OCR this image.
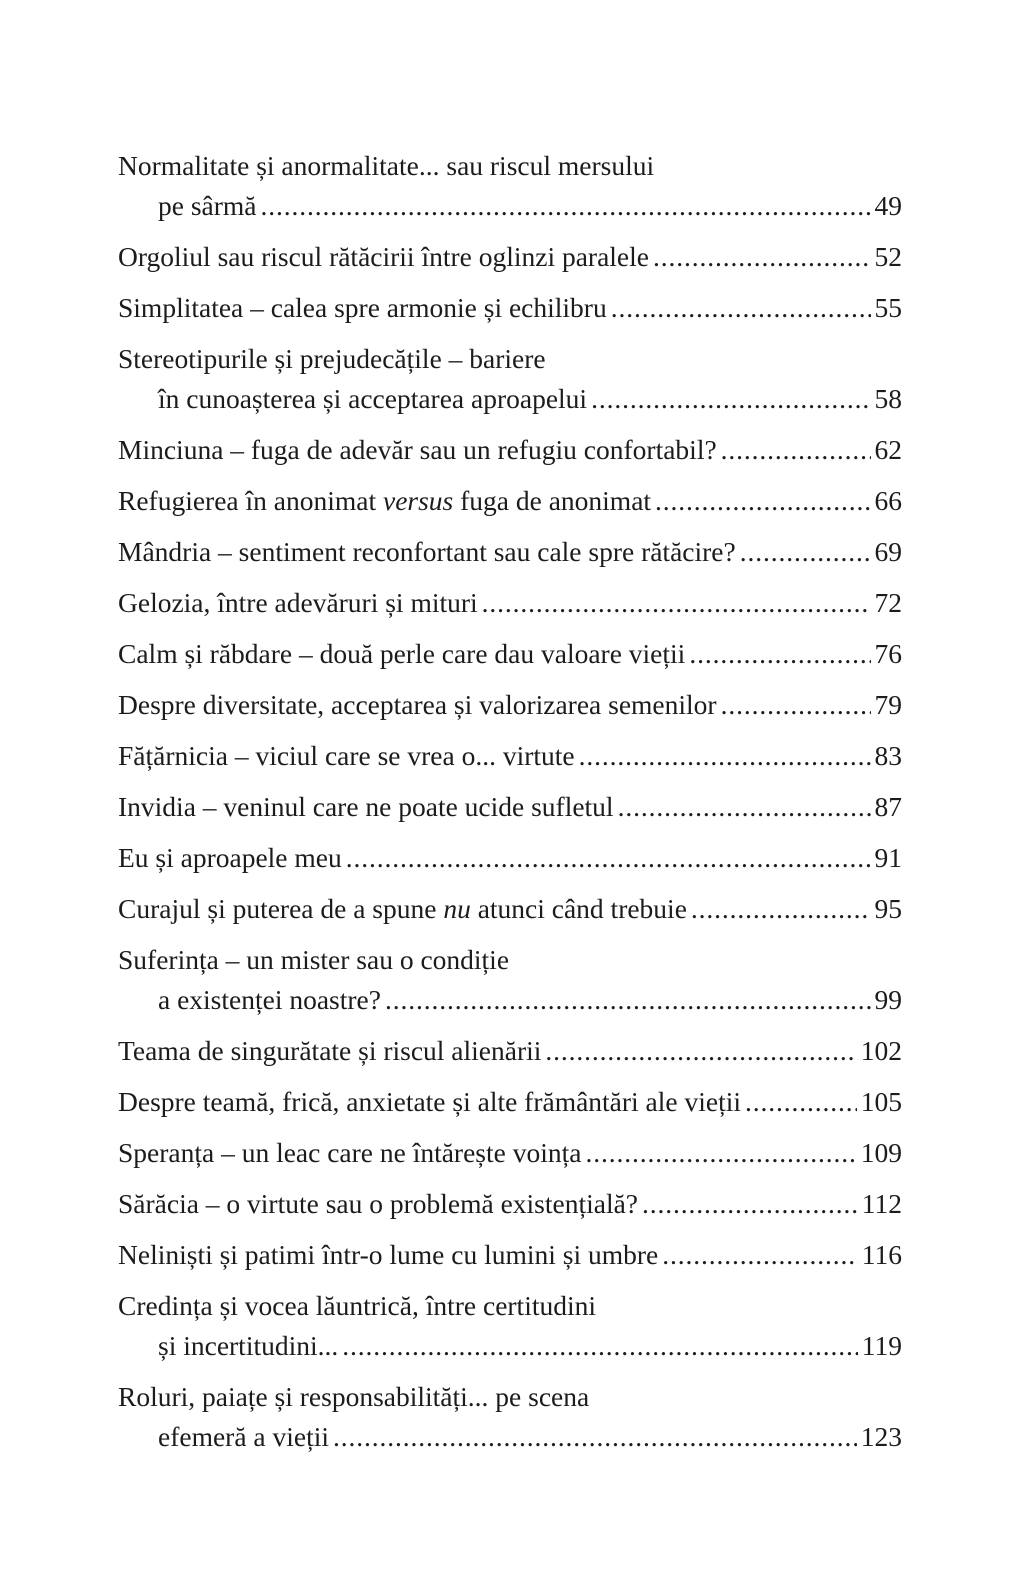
Normalitate și anormalitate... sau riscul mersului
pe sârmă . . .	49
Orgoliul sau riscul rătăcirii între oglinzi paralele . . .	52
Simplitatea – calea spre armonie și echilibru . . .	55
Stereotipurile și prejudecățile – bariere
în cunoașterea și acceptarea aproapelui . . .	58
Minciuna – fuga de adevăr sau un refugiu confortabil? . . .	62
Refugierea în anonimat versus fuga de anonimat . . .	66
Mândria – sentiment reconfortant sau cale spre rătăcire? . . .	69
Gelozia, între adevăruri și mituri . . .	72
Calm și răbdare – două perle care dau valoare vieții . . .	76
Despre diversitate, acceptarea și valorizarea semenilor . . .	79
Fățărnicia – viciul care se vrea o... virtute . . .	83
Invidia – veninul care ne poate ucide sufletul . . .	87
Eu și aproapele meu . . .	91
Curajul și puterea de a spune nu atunci când trebuie . . .	95
Suferința – un mister sau o condiție
a existenței noastre? . . .	99
Teama de singurătate și riscul alienării . . .	102
Despre teamă, frică, anxietate și alte frământări ale vieții . . .	105
Speranța – un leac care ne întărește voința . . .	109
Sărăcia – o virtute sau o problemă existențială? . . .	112
Neliniști și patimi într-o lume cu lumini și umbre . . .	116
Credința și vocea lăuntrică, între certitudini
și incertitudini... . . .	119
Roluri, paiațe și responsabilități... pe scena
efemeră a vieții . . .	123
